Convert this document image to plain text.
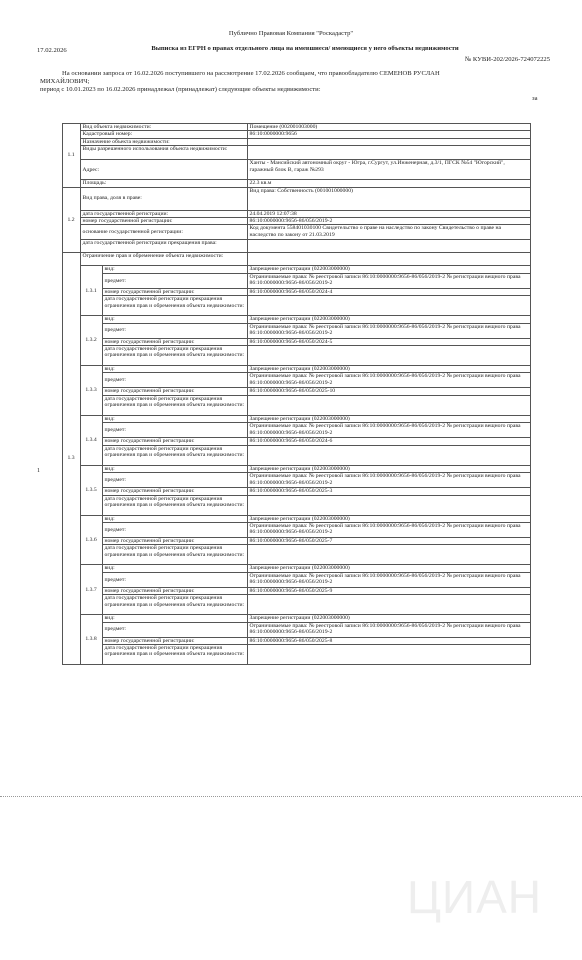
Публично Правовая Компания "Роскадастр"
17.02.2026	Выписка из ЕГРН о правах отдельного лица на имевшиеся/ имеющиеся у него объекты недвижимости
№ КУВИ-202/2026-724072225
На основании запроса от 16.02.2026 поступившего на рассмотрение 17.02.2026 сообщаем, что правообладателю СЕМЕНОВ РУСЛАН
МИХАЙЛОВИЧ;
период с 10.01.2023 по 16.02.2026 принадлежал (принадлежат) следующие объекты недвижимости:
за
1
	1.1	Вид объекта недвижимости:		Помещение (002001003000)
		Кадастровый номер:		86:10:0000000:9656
		Назначение объекта недвижимости:		
		Виды разрешенного использования объекта недвижимости:		
		Адрес:		Ханты - Мансийский автономный округ - Югра, г.Сургут, ул.Инженерная, д.3/1, ПГСК №54 "Югорский", гаражный блок В, гараж №293
		Площадь:		22.3 кв.м
	1.2	Вид права, доля в праве:		Вид права: Собственность (001001000000)
		дата государственной регистрации:		24.04.2019 12:07:38
		номер государственной регистрации:		86:10:0000000:9656-86/056/2019-2
		основание государственной регистрации:		Код документа 558401030100 Свидетельство о праве на наследство по закону Свидетельство о праве на наследство по закону от 21.03.2019
		дата государственной регистрации прекращения права:		
	1.3	Ограничение прав и обременение объекта недвижимости:		
		1.3.1	вид:	Запрещение регистрации (022003000000)
			предмет:	Ограничиваемые права: № реестровой записи 86:10:0000000:9656-86/056/2019-2 № регистрации вещного права 86:10:0000000:9656-86/056/2019-2
			номер государственной регистрации:	86:10:0000000:9656-86/050/2024-4
			дата государственной регистрации прекращения ограничения прав и обременения объекта недвижимости:	
		1.3.2	вид:	Запрещение регистрации (022003000000)
			предмет:	Ограничиваемые права: № реестровой записи 86:10:0000000:9656-86/056/2019-2 № регистрации вещного права 86:10:0000000:9656-86/056/2019-2
			номер государственной регистрации:	86:10:0000000:9656-86/050/2024-5
			дата государственной регистрации прекращения ограничения прав и обременения объекта недвижимости:	
		1.3.3	вид:	Запрещение регистрации (022003000000)
			предмет:	Ограничиваемые права: № реестровой записи 86:10:0000000:9656-86/056/2019-2 № регистрации вещного права 86:10:0000000:9656-86/056/2019-2
			номер государственной регистрации:	86:10:0000000:9656-86/050/2025-10
			дата государственной регистрации прекращения ограничения прав и обременения объекта недвижимости:	
		1.3.4	вид:	Запрещение регистрации (022003000000)
			предмет:	Ограничиваемые права: № реестровой записи 86:10:0000000:9656-86/056/2019-2 № регистрации вещного права 86:10:0000000:9656-86/056/2019-2
			номер государственной регистрации:	86:10:0000000:9656-86/050/2024-6
			дата государственной регистрации прекращения ограничения прав и обременения объекта недвижимости:	
		1.3.5	вид:	Запрещение регистрации (022003000000)
			предмет:	Ограничиваемые права: № реестровой записи 86:10:0000000:9656-86/056/2019-2 № регистрации вещного права 86:10:0000000:9656-86/056/2019-2
			номер государственной регистрации:	86:10:0000000:9656-86/050/2025-3
			дата государственной регистрации прекращения ограничения прав и обременения объекта недвижимости:	
		1.3.6	вид:	Запрещение регистрации (022003000000)
			предмет:	Ограничиваемые права: № реестровой записи 86:10:0000000:9656-86/056/2019-2 № регистрации вещного права 86:10:0000000:9656-86/056/2019-2
			номер государственной регистрации:	86:10:0000000:9656-86/050/2025-7
			дата государственной регистрации прекращения ограничения прав и обременения объекта недвижимости:	
		1.3.7	вид:	Запрещение регистрации (022003000000)
			предмет:	Ограничиваемые права: № реестровой записи 86:10:0000000:9656-86/056/2019-2 № регистрации вещного права 86:10:0000000:9656-86/056/2019-2
			номер государственной регистрации:	86:10:0000000:9656-86/050/2025-9
			дата государственной регистрации прекращения ограничения прав и обременения объекта недвижимости:	
		1.3.8	вид:	Запрещение регистрации (022003000000)
			предмет:	Ограничиваемые права: № реестровой записи 86:10:0000000:9656-86/056/2019-2 № регистрации вещного права 86:10:0000000:9656-86/056/2019-2
			номер государственной регистрации:	86:10:0000000:9656-86/050/2025-8
			дата государственной регистрации прекращения ограничения прав и обременения объекта недвижимости:	
ЦИАН
